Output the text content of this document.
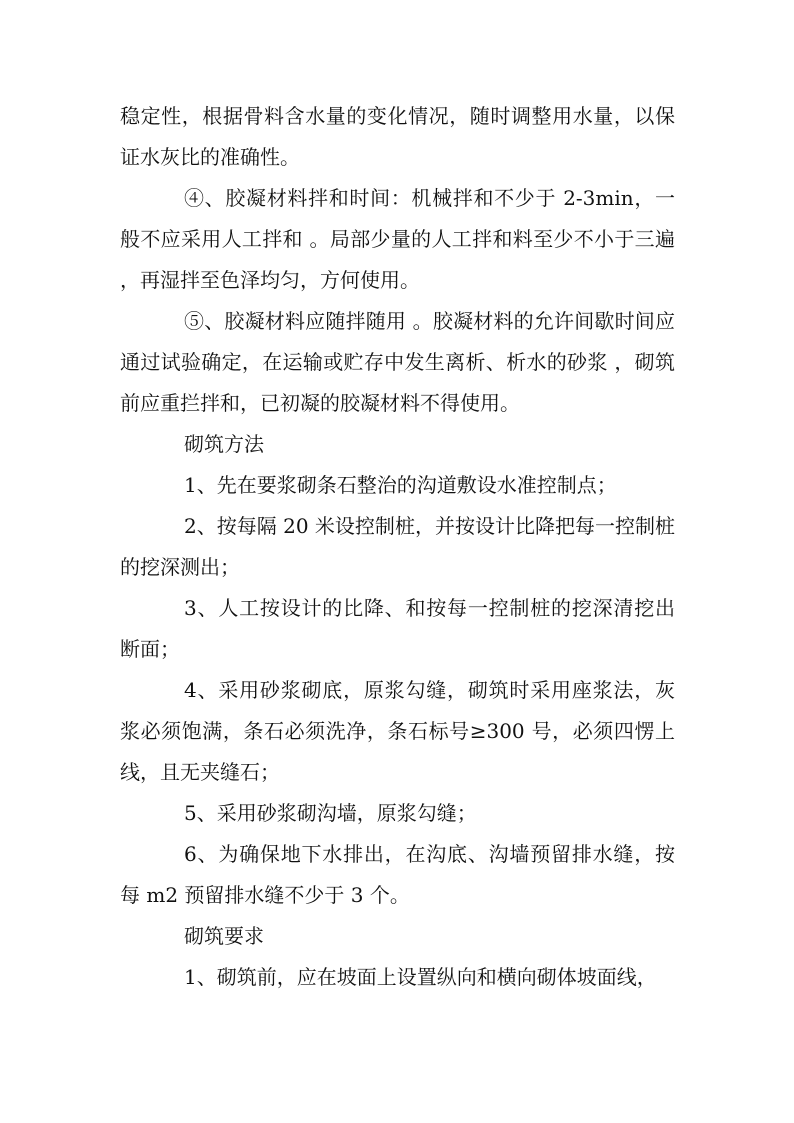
稳定性，根据骨料含水量的变化情况，随时调整用水量，以保证水灰比的准确性。

④、胶凝材料拌和时间：机械拌和不少于 2-3min，一般不应采用人工拌和 。局部少量的人工拌和料至少不小于三遍，再湿拌至色泽均匀，方何使用。

⑤、胶凝材料应随拌随用 。胶凝材料的允许间歇时间应通过试验确定，在运输或贮存中发生离析、析水的砂浆 ，砌筑前应重拦拌和，已初凝的胶凝材料不得使用。

砌筑方法

1、先在要浆砌条石整治的沟道敷设水准控制点；

2、按每隔 20 米设控制桩，并按设计比降把每一控制桩的挖深测出；

3、人工按设计的比降、和按每一控制桩的挖深清挖出断面；

4、采用砂浆砌底，原浆勾缝，砌筑时采用座浆法，灰浆必须饱满，条石必须洗净，条石标号≥300 号，必须四愣上线，且无夹缝石；

5、采用砂浆砌沟墙，原浆勾缝；

6、为确保地下水排出，在沟底、沟墙预留排水缝，按每 m2 预留排水缝不少于 3 个。

砌筑要求

1、砌筑前，应在坡面上设置纵向和横向砌体坡面线，
